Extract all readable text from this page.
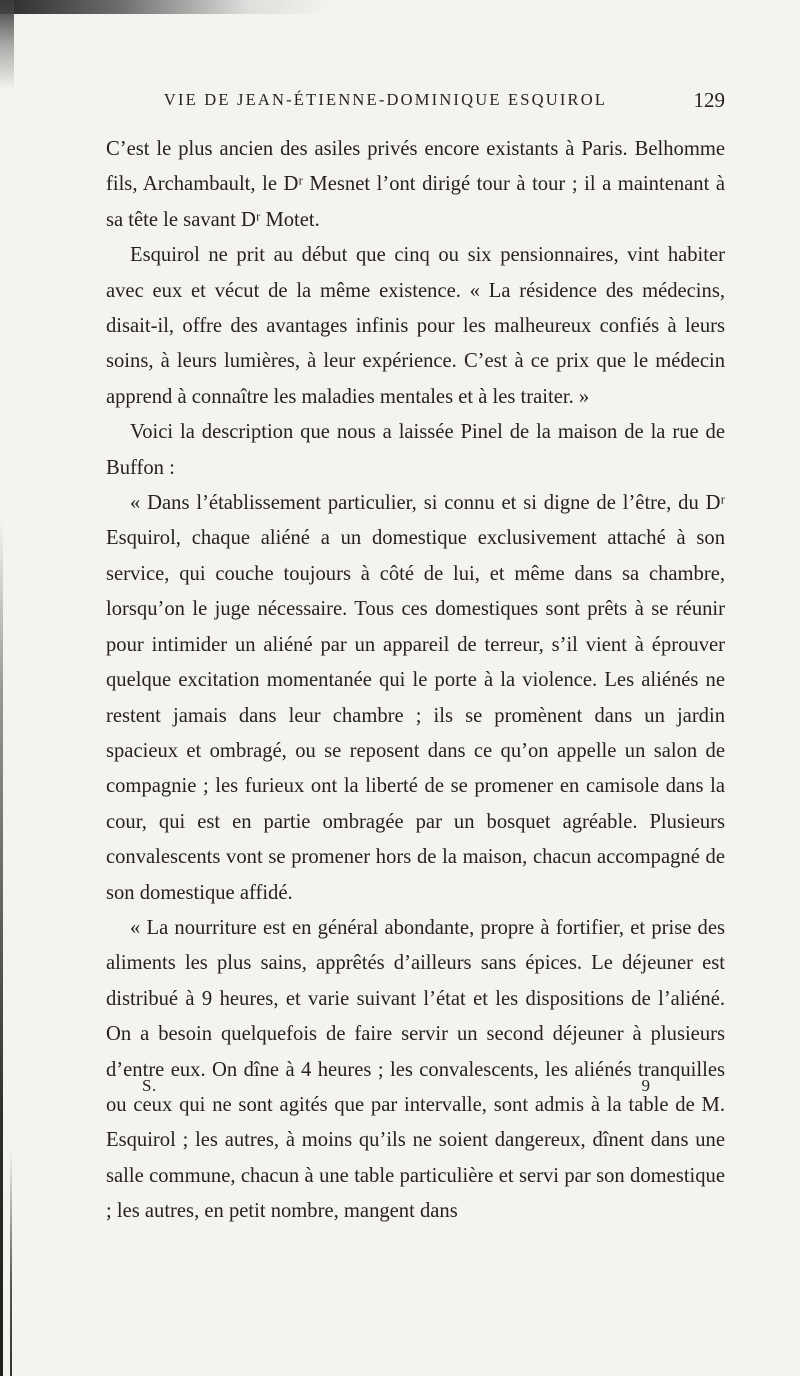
VIE DE JEAN-ÉTIENNE-DOMINIQUE ESQUIROL	129

C’est le plus ancien des asiles privés encore existants à Paris. Belhomme fils, Archambault, le Dʳ Mesnet l’ont dirigé tour à tour ; il a maintenant à sa tête le savant Dʳ Motet.

Esquirol ne prit au début que cinq ou six pensionnaires, vint habiter avec eux et vécut de la même existence. « La résidence des médecins, disait-il, offre des avantages infinis pour les malheureux confiés à leurs soins, à leurs lumières, à leur expérience. C’est à ce prix que le médecin apprend à connaître les maladies mentales et à les traiter. »

Voici la description que nous a laissée Pinel de la maison de la rue de Buffon :

« Dans l’établissement particulier, si connu et si digne de l’être, du Dʳ Esquirol, chaque aliéné a un domestique exclusivement attaché à son service, qui couche toujours à côté de lui, et même dans sa chambre, lorsqu’on le juge nécessaire. Tous ces domestiques sont prêts à se réunir pour intimider un aliéné par un appareil de terreur, s’il vient à éprouver quelque excitation momentanée qui le porte à la violence. Les aliénés ne restent jamais dans leur chambre ; ils se promènent dans un jardin spacieux et ombragé, ou se reposent dans ce qu’on appelle un salon de compagnie ; les furieux ont la liberté de se promener en camisole dans la cour, qui est en partie ombragée par un bosquet agréable. Plusieurs convalescents vont se promener hors de la maison, chacun accompagné de son domestique affidé.

« La nourriture est en général abondante, propre à fortifier, et prise des aliments les plus sains, apprêtés d’ailleurs sans épices. Le déjeuner est distribué à 9 heures, et varie suivant l’état et les dispositions de l’aliéné. On a besoin quelquefois de faire servir un second déjeuner à plusieurs d’entre eux. On dîne à 4 heures ; les convalescents, les aliénés tranquilles ou ceux qui ne sont agités que par intervalle, sont admis à la table de M. Esquirol ; les autres, à moins qu’ils ne soient dangereux, dînent dans une salle commune, chacun à une table particulière et servi par son domestique ; les autres, en petit nombre, mangent dans

S.	9
